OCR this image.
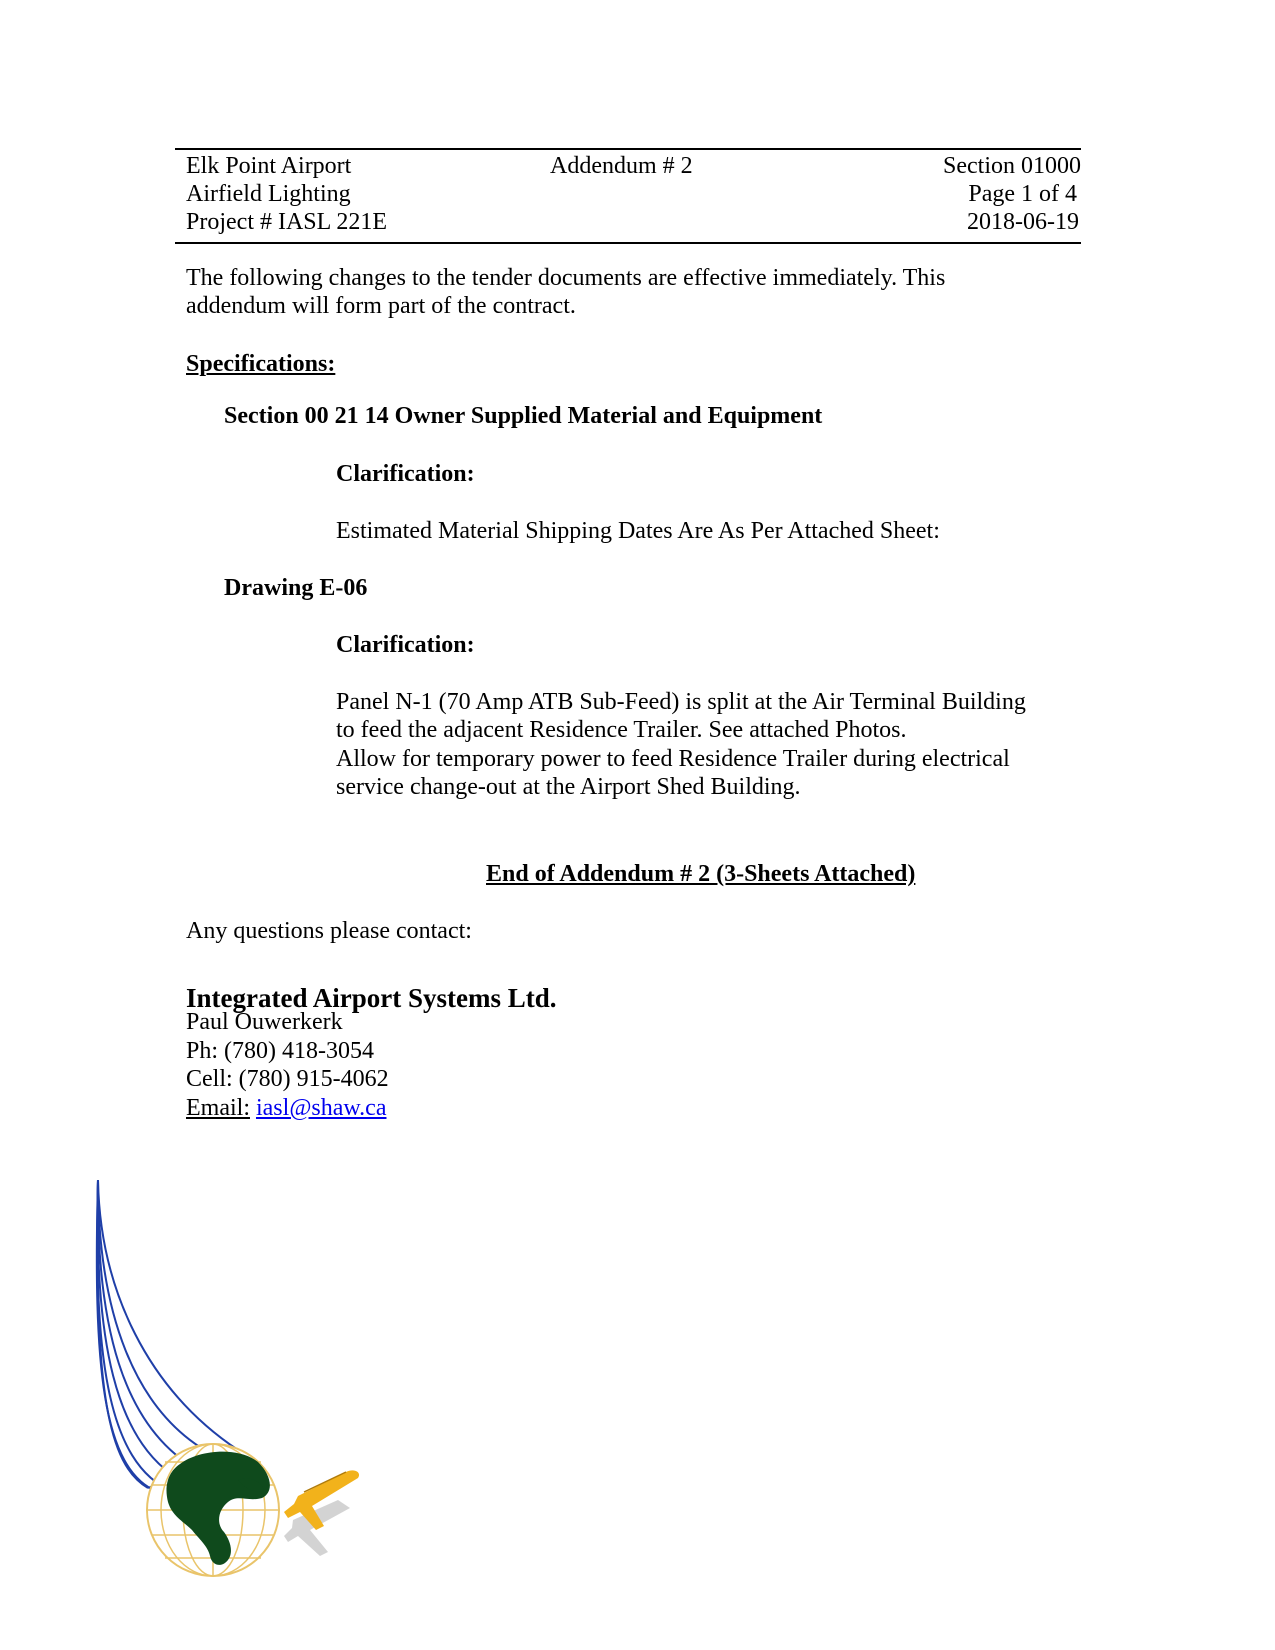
Elk Point Airport
Airfield Lighting
Project # IASL 221E
Addendum # 2	Section 01000
Page 1 of 4
2018-06-19
The following changes to the tender documents are effective immediately. This
addendum will form part of the contract.
Specifications:
Section 00 21 14 Owner Supplied Material and Equipment
Clarification:
Estimated Material Shipping Dates Are As Per Attached Sheet:
Drawing E-06
Clarification:
Panel N-1 (70 Amp ATB Sub-Feed) is split at the Air Terminal Building
to feed the adjacent Residence Trailer. See attached Photos.
Allow for temporary power to feed Residence Trailer during electrical
service change-out at the Airport Shed Building.
End of Addendum # 2 (3-Sheets Attached)
Any questions please contact:
Integrated Airport Systems Ltd.
Paul Ouwerkerk
Ph: (780) 418-3054
Cell: (780) 915-4062
Email: iasl@shaw.ca
